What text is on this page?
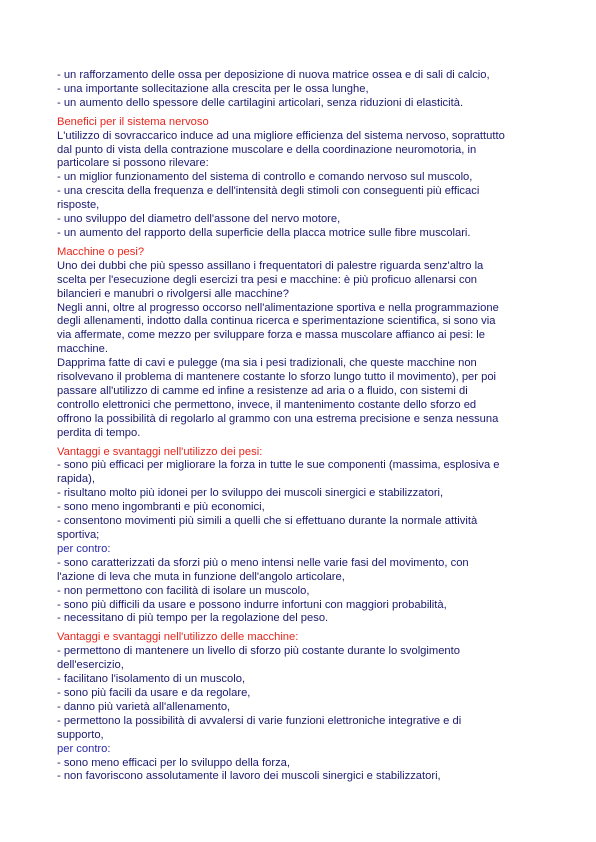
- un rafforzamento delle ossa per deposizione di nuova matrice ossea e di sali di calcio,
- una importante sollecitazione alla crescita per le ossa lunghe,
- un aumento dello spessore delle cartilagini articolari, senza riduzioni di elasticità.
Benefici per il sistema nervoso
L'utilizzo di sovraccarico induce ad una migliore efficienza del sistema nervoso, soprattutto
dal punto di vista della contrazione muscolare e della coordinazione neuromotoria, in
particolare si possono rilevare:
- un miglior funzionamento del sistema di controllo e comando nervoso sul muscolo,
- una crescita della frequenza e dell'intensità degli stimoli con conseguenti più efficaci
risposte,
- uno sviluppo del diametro dell'assone del nervo motore,
- un aumento del rapporto della superficie della placca motrice sulle fibre muscolari.
Macchine o pesi?
Uno dei dubbi che più spesso assillano i frequentatori di palestre riguarda senz'altro la
scelta per l'esecuzione degli esercizi tra pesi e macchine: è più proficuo allenarsi con
bilancieri e manubri o rivolgersi alle macchine?
Negli anni, oltre al progresso occorso nell'alimentazione sportiva e nella programmazione
degli allenamenti, indotto dalla continua ricerca e sperimentazione scientifica, si sono via
via affermate, come mezzo per sviluppare forza e massa muscolare affianco ai pesi: le
macchine.
Dapprima fatte di cavi e pulegge (ma sia i pesi tradizionali, che queste macchine non
risolvevano il problema di mantenere costante lo sforzo lungo tutto il movimento), per poi
passare all'utilizzo di camme ed infine a resistenze ad aria o a fluido, con sistemi di
controllo elettronici che permettono, invece, il mantenimento costante dello sforzo ed
offrono la possibilità di regolarlo al grammo con una estrema precisione e senza nessuna
perdita di tempo.
Vantaggi e svantaggi nell'utilizzo dei pesi:
- sono più efficaci per migliorare la forza in tutte le sue componenti (massima, esplosiva e
rapida),
- risultano molto più idonei per lo sviluppo dei muscoli sinergici e stabilizzatori,
- sono meno ingombranti e più economici,
- consentono movimenti più simili a quelli che si effettuano durante la normale attività
sportiva;
per contro:
- sono caratterizzati da sforzi più o meno intensi nelle varie fasi del movimento, con
l'azione di leva che muta in funzione dell'angolo articolare,
- non permettono con facilità di isolare un muscolo,
- sono più difficili da usare e possono indurre infortuni con maggiori probabilità,
- necessitano di più tempo per la regolazione del peso.
Vantaggi e svantaggi nell'utilizzo delle macchine:
- permettono di mantenere un livello di sforzo più costante durante lo svolgimento
dell'esercizio,
- facilitano l'isolamento di un muscolo,
- sono più facili da usare e da regolare,
- danno più varietà all'allenamento,
- permettono la possibilità di avvalersi di varie funzioni elettroniche integrative e di
supporto,
per contro:
- sono meno efficaci per lo sviluppo della forza,
- non favoriscono assolutamente il lavoro dei muscoli sinergici e stabilizzatori,
